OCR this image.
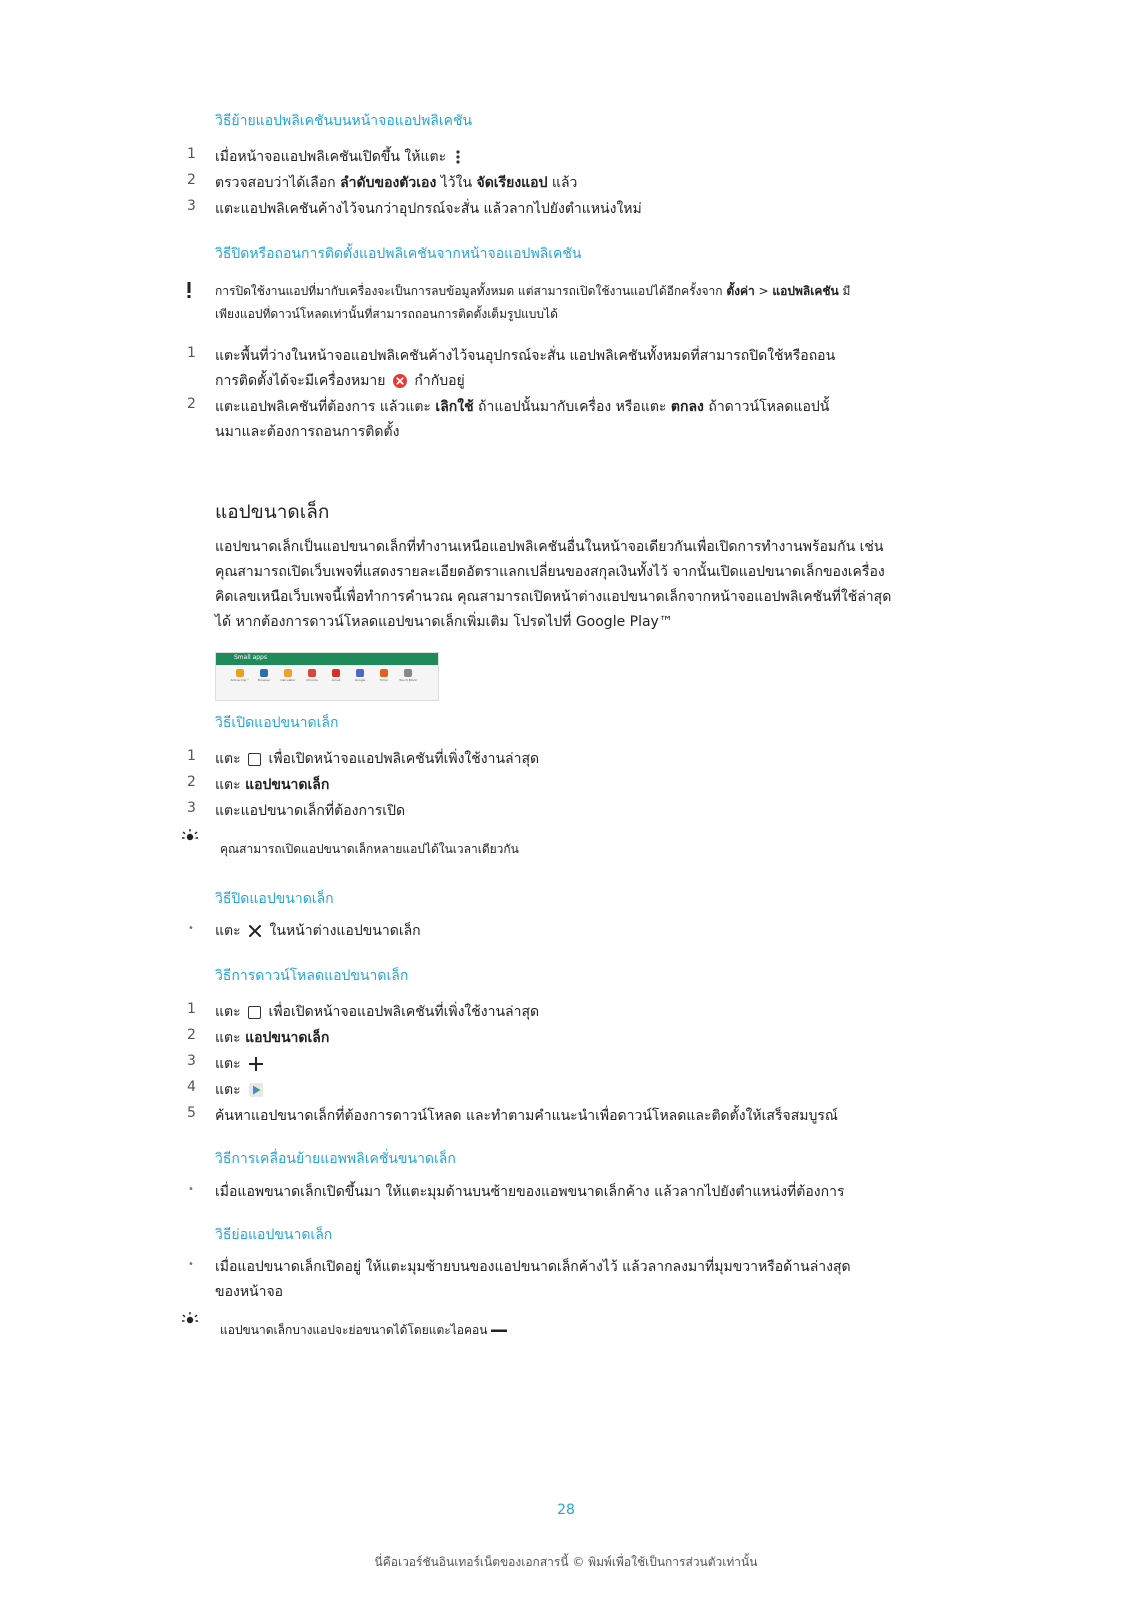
วิธีย้ายแอปพลิเคชันบนหน้าจอแอปพลิเคชัน
1 เมื่อหน้าจอแอปพลิเคชันเปิดขึ้น ให้แตะ
2 ตรวจสอบว่าได้เลือก ลำดับของตัวเอง ไว้ใน จัดเรียงแอป แล้ว
3 แตะแอปพลิเคชันค้างไว้จนกว่าอุปกรณ์จะสั่น แล้วลากไปยังตำแหน่งใหม่
วิธีปิดหรือถอนการติดตั้งแอปพลิเคชันจากหน้าจอแอปพลิเคชัน
การปิดใช้งานแอปที่มากับเครื่องจะเป็นการลบข้อมูลทั้งหมด แต่สามารถเปิดใช้งานแอปได้อีกครั้งจาก ตั้งค่า > แอปพลิเคชัน มี
เพียงแอปที่ดาวน์โหลดเท่านั้นที่สามารถถอนการติดตั้งเต็มรูปแบบได้
1 แตะพื้นที่ว่างในหน้าจอแอปพลิเคชันค้างไว้จนอุปกรณ์จะสั่น แอปพลิเคชันทั้งหมดที่สามารถปิดใช้หรือถอน
การติดตั้งได้จะมีเครื่องหมาย กำกับอยู่
2 แตะแอปพลิเคชันที่ต้องการ แล้วแตะ เลิกใช้ ถ้าแอปนั้นมากับเครื่อง หรือแตะ ตกลง ถ้าดาวน์โหลดแอปนั้
นมาและต้องการถอนการติดตั้ง
แอปขนาดเล็ก
แอปขนาดเล็กเป็นแอปขนาดเล็กที่ทำงานเหนือแอปพลิเคชันอื่นในหน้าจอเดียวกันเพื่อเปิดการทำงานพร้อมกัน เช่น
คุณสามารถเปิดเว็บเพจที่แสดงรายละเอียดอัตราแลกเปลี่ยนของสกุลเงินทั้งไว้ จากนั้นเปิดแอปขนาดเล็กของเครื่อง
คิดเลขเหนือเว็บเพจนี้เพื่อทำการคำนวณ คุณสามารถเปิดหน้าต่างแอปขนาดเล็กจากหน้าจอแอปพลิเคชันที่ใช้ล่าสุด
ได้ หากต้องการดาวน์โหลดแอปขนาดเล็กเพิ่มเติม โปรดไปที่ Google Play™
Small apps
Active Clip™	Browser	Calculator	Chrome	Gmail	Google	Timer	Touch Block
วิธีเปิดแอปขนาดเล็ก
1 แตะ เพื่อเปิดหน้าจอแอปพลิเคชันที่เพิ่งใช้งานล่าสุด
2 แตะ แอปขนาดเล็ก
3 แตะแอปขนาดเล็กที่ต้องการเปิด
คุณสามารถเปิดแอปขนาดเล็กหลายแอปได้ในเวลาเดียวกัน
วิธีปิดแอปขนาดเล็ก
• แตะ ในหน้าต่างแอปขนาดเล็ก
วิธีการดาวน์โหลดแอปขนาดเล็ก
1 แตะ เพื่อเปิดหน้าจอแอปพลิเคชันที่เพิ่งใช้งานล่าสุด
2 แตะ แอปขนาดเล็ก
3 แตะ
4 แตะ
5 ค้นหาแอปขนาดเล็กที่ต้องการดาวน์โหลด และทำตามคำแนะนำเพื่อดาวน์โหลดและติดตั้งให้เสร็จสมบูรณ์
วิธีการเคลื่อนย้ายแอพพลิเคชั่นขนาดเล็ก
• เมื่อแอพขนาดเล็กเปิดขึ้นมา ให้แตะมุมด้านบนซ้ายของแอพขนาดเล็กค้าง แล้วลากไปยังตำแหน่งที่ต้องการ
วิธีย่อแอปขนาดเล็ก
• เมื่อแอปขนาดเล็กเปิดอยู่ ให้แตะมุมซ้ายบนของแอปขนาดเล็กค้างไว้ แล้วลากลงมาที่มุมขวาหรือด้านล่างสุด
ของหน้าจอ
แอปขนาดเล็กบางแอปจะย่อขนาดได้โดยแตะไอคอน
28
นี่คือเวอร์ชันอินเทอร์เน็ตของเอกสารนี้ © พิมพ์เพื่อใช้เป็นการส่วนตัวเท่านั้น
